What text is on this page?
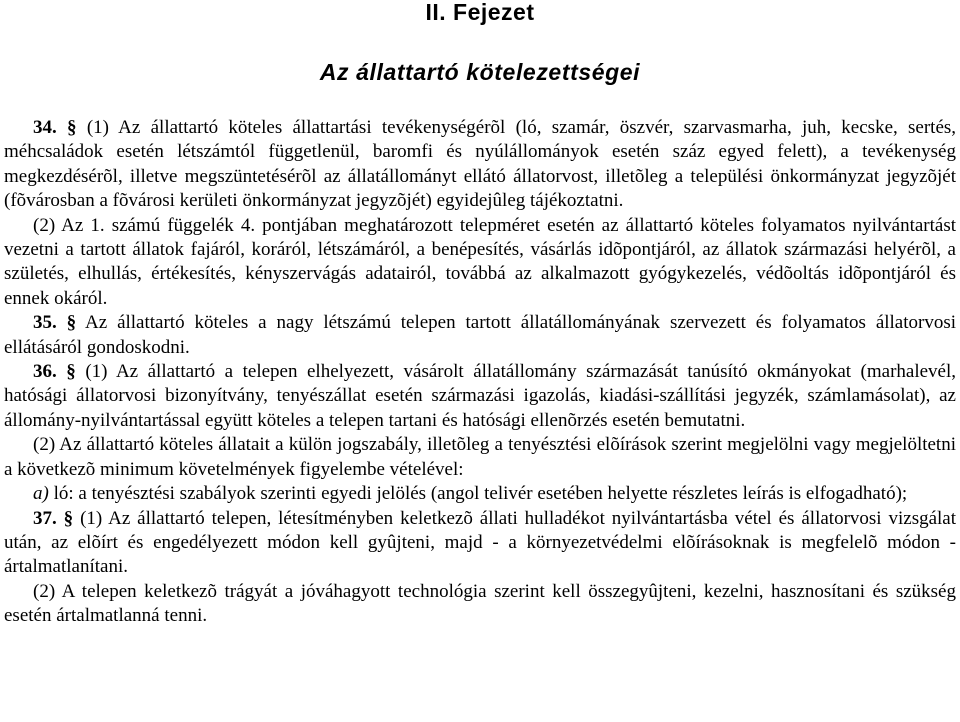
II. Fejezet
Az állattartó kötelezettségei

34. § (1) Az állattartó köteles állattartási tevékenységérõl (ló, szamár, öszvér, szarvasmarha, juh, kecske, sertés, méhcsaládok esetén létszámtól függetlenül, baromfi és nyúlállományok esetén száz egyed felett), a tevékenység megkezdésérõl, illetve megszüntetésérõl az állatállományt ellátó állatorvost, illetõleg a települési önkormányzat jegyzõjét (fõvárosban a fõvárosi kerületi önkormányzat jegyzõjét) egyidejûleg tájékoztatni.

(2) Az 1. számú függelék 4. pontjában meghatározott telepméret esetén az állattartó köteles folyamatos nyilvántartást vezetni a tartott állatok fajáról, koráról, létszámáról, a benépesítés, vásárlás idõpontjáról, az állatok származási helyérõl, a születés, elhullás, értékesítés, kényszervágás adatairól, továbbá az alkalmazott gyógykezelés, védõoltás idõpontjáról és ennek okáról.

35. § Az állattartó köteles a nagy létszámú telepen tartott állatállományának szervezett és folyamatos állatorvosi ellátásáról gondoskodni.

36. § (1) Az állattartó a telepen elhelyezett, vásárolt állatállomány származását tanúsító okmányokat (marhalevél, hatósági állatorvosi bizonyítvány, tenyészállat esetén származási igazolás, kiadási-szállítási jegyzék, számlamásolat), az állomány-nyilvántartással együtt köteles a telepen tartani és hatósági ellenõrzés esetén bemutatni.

(2) Az állattartó köteles állatait a külön jogszabály, illetõleg a tenyésztési elõírások szerint megjelölni vagy megjelöltetni a következõ minimum követelmények figyelembe vételével:

a) ló: a tenyésztési szabályok szerinti egyedi jelölés (angol telivér esetében helyette részletes leírás is elfogadható);

37. § (1) Az állattartó telepen, létesítményben keletkezõ állati hulladékot nyilvántartásba vétel és állatorvosi vizsgálat után, az elõírt és engedélyezett módon kell gyûjteni, majd - a környezetvédelmi elõírásoknak is megfelelõ módon - ártalmatlanítani.

(2) A telepen keletkezõ trágyát a jóváhagyott technológia szerint kell összegyûjteni, kezelni, hasznosítani és szükség esetén ártalmatlanná tenni.
